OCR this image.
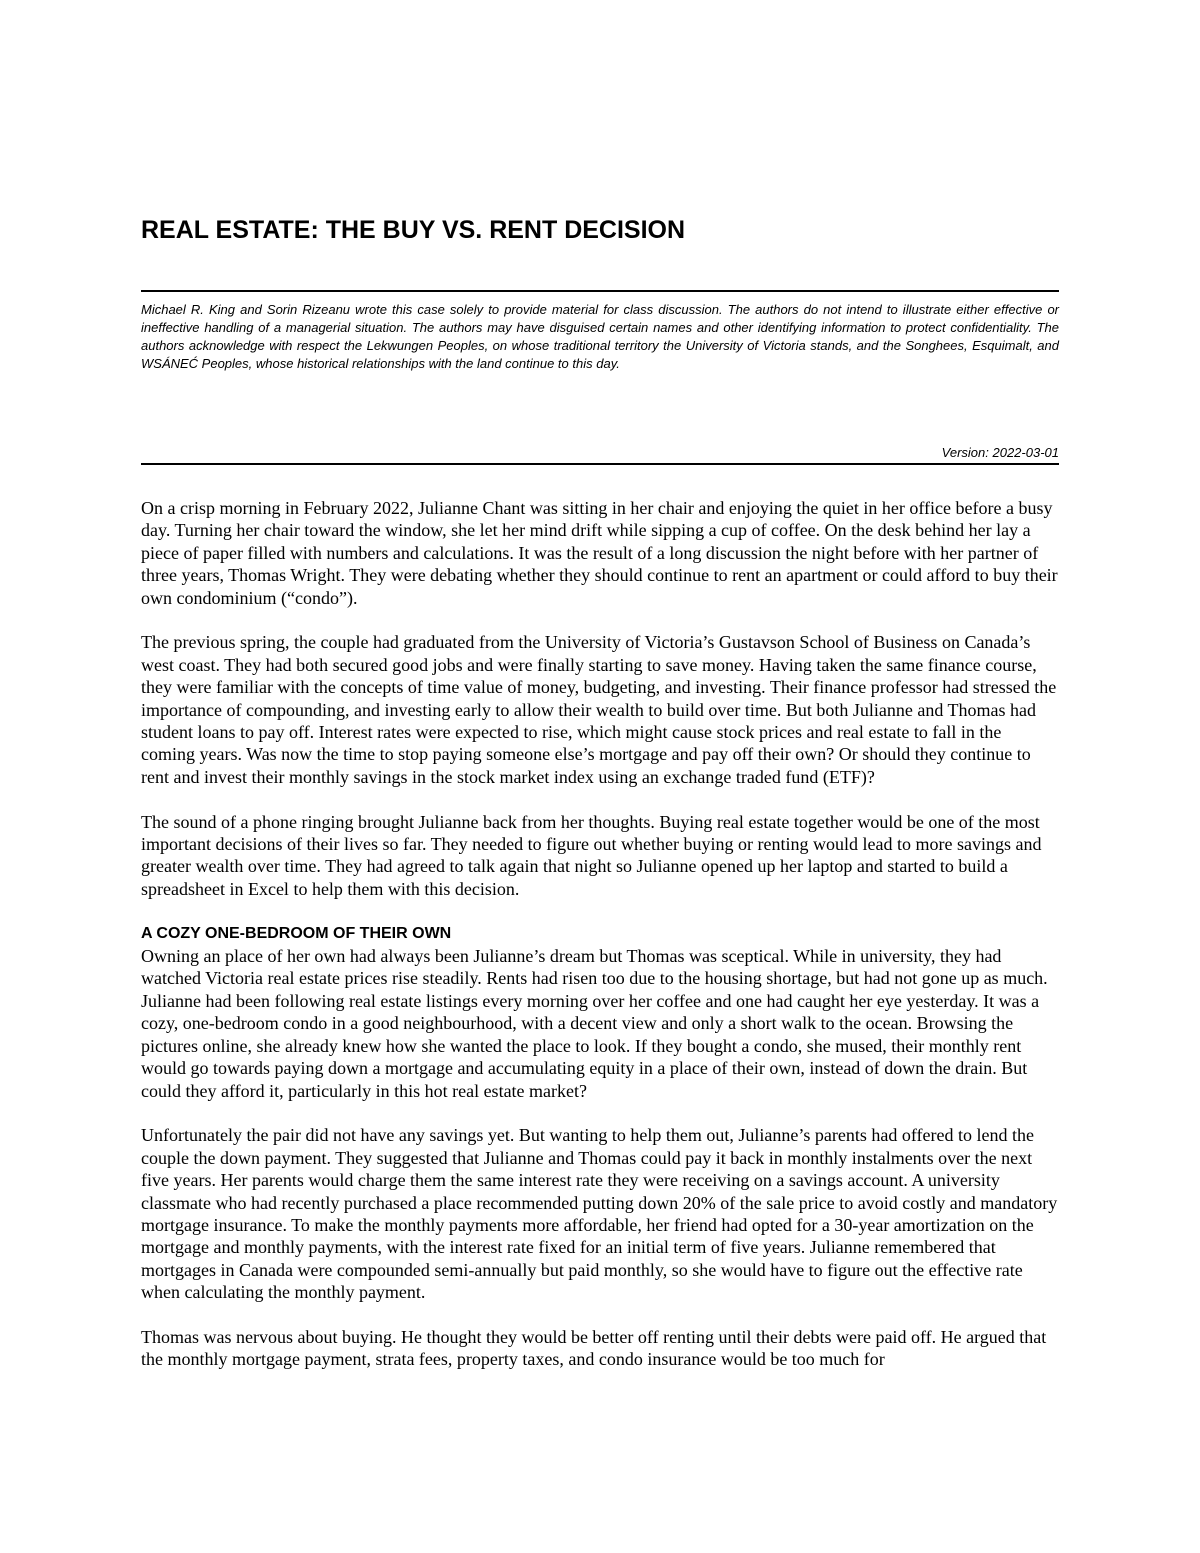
REAL ESTATE: THE BUY VS. RENT DECISION

Michael R. King and Sorin Rizeanu wrote this case solely to provide material for class discussion. The authors do not intend to illustrate either effective or ineffective handling of a managerial situation. The authors may have disguised certain names and other identifying information to protect confidentiality. The authors acknowledge with respect the Lekwungen Peoples, on whose traditional territory the University of Victoria stands, and the Songhees, Esquimalt, and WSÁNEĆ Peoples, whose historical relationships with the land continue to this day.

Version: 2022-03-01

On a crisp morning in February 2022, Julianne Chant was sitting in her chair and enjoying the quiet in her office before a busy day. Turning her chair toward the window, she let her mind drift while sipping a cup of coffee. On the desk behind her lay a piece of paper filled with numbers and calculations. It was the result of a long discussion the night before with her partner of three years, Thomas Wright. They were debating whether they should continue to rent an apartment or could afford to buy their own condominium (“condo”).

The previous spring, the couple had graduated from the University of Victoria’s Gustavson School of Business on Canada’s west coast. They had both secured good jobs and were finally starting to save money. Having taken the same finance course, they were familiar with the concepts of time value of money, budgeting, and investing. Their finance professor had stressed the importance of compounding, and investing early to allow their wealth to build over time. But both Julianne and Thomas had student loans to pay off. Interest rates were expected to rise, which might cause stock prices and real estate to fall in the coming years. Was now the time to stop paying someone else’s mortgage and pay off their own? Or should they continue to rent and invest their monthly savings in the stock market index using an exchange traded fund (ETF)?

The sound of a phone ringing brought Julianne back from her thoughts. Buying real estate together would be one of the most important decisions of their lives so far. They needed to figure out whether buying or renting would lead to more savings and greater wealth over time. They had agreed to talk again that night so Julianne opened up her laptop and started to build a spreadsheet in Excel to help them with this decision.

A COZY ONE-BEDROOM OF THEIR OWN

Owning an place of her own had always been Julianne’s dream but Thomas was sceptical. While in university, they had watched Victoria real estate prices rise steadily. Rents had risen too due to the housing shortage, but had not gone up as much. Julianne had been following real estate listings every morning over her coffee and one had caught her eye yesterday. It was a cozy, one-bedroom condo in a good neighbourhood, with a decent view and only a short walk to the ocean. Browsing the pictures online, she already knew how she wanted the place to look. If they bought a condo, she mused, their monthly rent would go towards paying down a mortgage and accumulating equity in a place of their own, instead of down the drain. But could they afford it, particularly in this hot real estate market?

Unfortunately the pair did not have any savings yet. But wanting to help them out, Julianne’s parents had offered to lend the couple the down payment. They suggested that Julianne and Thomas could pay it back in monthly instalments over the next five years. Her parents would charge them the same interest rate they were receiving on a savings account. A university classmate who had recently purchased a place recommended putting down 20% of the sale price to avoid costly and mandatory mortgage insurance. To make the monthly payments more affordable, her friend had opted for a 30-year amortization on the mortgage and monthly payments, with the interest rate fixed for an initial term of five years. Julianne remembered that mortgages in Canada were compounded semi-annually but paid monthly, so she would have to figure out the effective rate when calculating the monthly payment.

Thomas was nervous about buying. He thought they would be better off renting until their debts were paid off. He argued that the monthly mortgage payment, strata fees, property taxes, and condo insurance would be too much for
